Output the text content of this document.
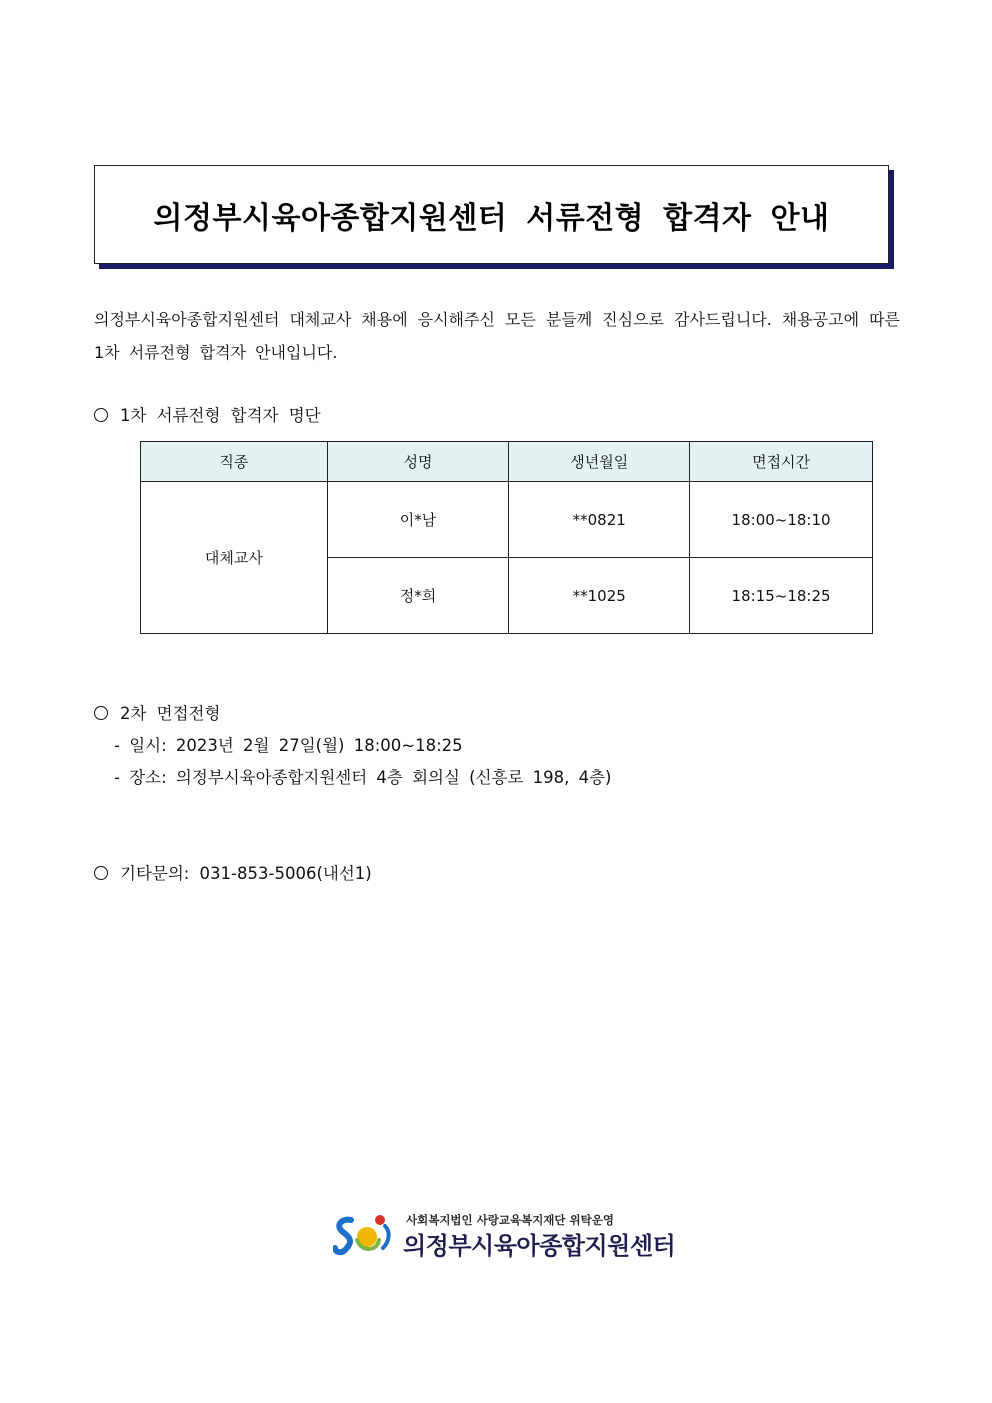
의정부시육아종합지원센터 서류전형 합격자 안내
의정부시육아종합지원센터 대체교사 채용에 응시해주신 모든 분들께 진심으로 감사드립니다. 채용공고에 따른 1차 서류전형 합격자 안내입니다.
1차 서류전형 합격자 명단
직종	성명	생년월일	면접시간
대체교사	이*남	**0821	18:00~18:10
	정*희	**1025	18:15~18:25
2차 면접전형
- 일시: 2023년 2월 27일(월) 18:00~18:25
- 장소: 의정부시육아종합지원센터 4층 회의실 (신흥로 198, 4층)
기타문의: 031-853-5006(내선1)
사회복지법인 사랑교육복지재단 위탁운영
의정부시육아종합지원센터
